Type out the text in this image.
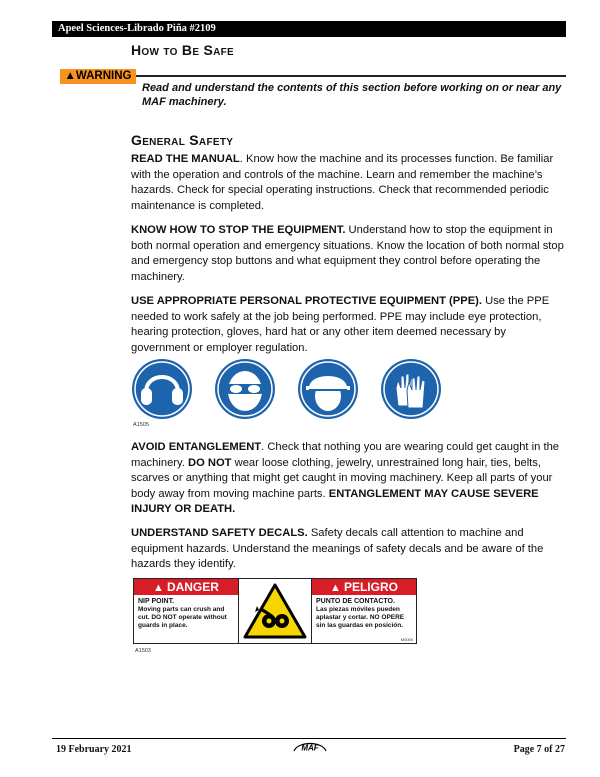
Apeel Sciences-Librado Piña #2109
How to Be Safe
▲WARNING
Read and understand the contents of this section before working on or near any MAF machinery.
General Safety
READ THE MANUAL. Know how the machine and its processes function. Be familiar with the operation and controls of the machine. Learn and remember the machine’s hazards. Check for special operating instructions. Check that recommended periodic maintenance is completed.
KNOW HOW TO STOP THE EQUIPMENT. Understand how to stop the equipment in both normal operation and emergency situations. Know the location of both normal stop and emergency stop buttons and what equipment they control before operating the machinery.
USE APPROPRIATE PERSONAL PROTECTIVE EQUIPMENT (PPE). Use the PPE needed to work safely at the job being performed. PPE may include eye protection, hearing protection, gloves, hard hat or any other item deemed necessary by government or employer regulation.
A1505
AVOID ENTANGLEMENT. Check that nothing you are wearing could get caught in the machinery. DO NOT wear loose clothing, jewelry, unrestrained long hair, ties, belts, scarves or anything that might get caught in moving machinery. Keep all parts of your body away from moving machine parts. ENTANGLEMENT MAY CAUSE SEVERE INJURY OR DEATH.
UNDERSTAND SAFETY DECALS. Safety decals call attention to machine and equipment hazards. Understand the meanings of safety decals and be aware of the hazards they identify.
▲ DANGER
NIP POINT.
Moving parts can crush and cut. DO NOT operate without guards in place.
▲ PELIGRO
PUNTO DE CONTACTO.
Las piezas móviles pueden aplastar y cortar. NO OPERE sin las guardas en posición.
M0000
A1503
19 February 2021	MAF	Page 7 of 27
